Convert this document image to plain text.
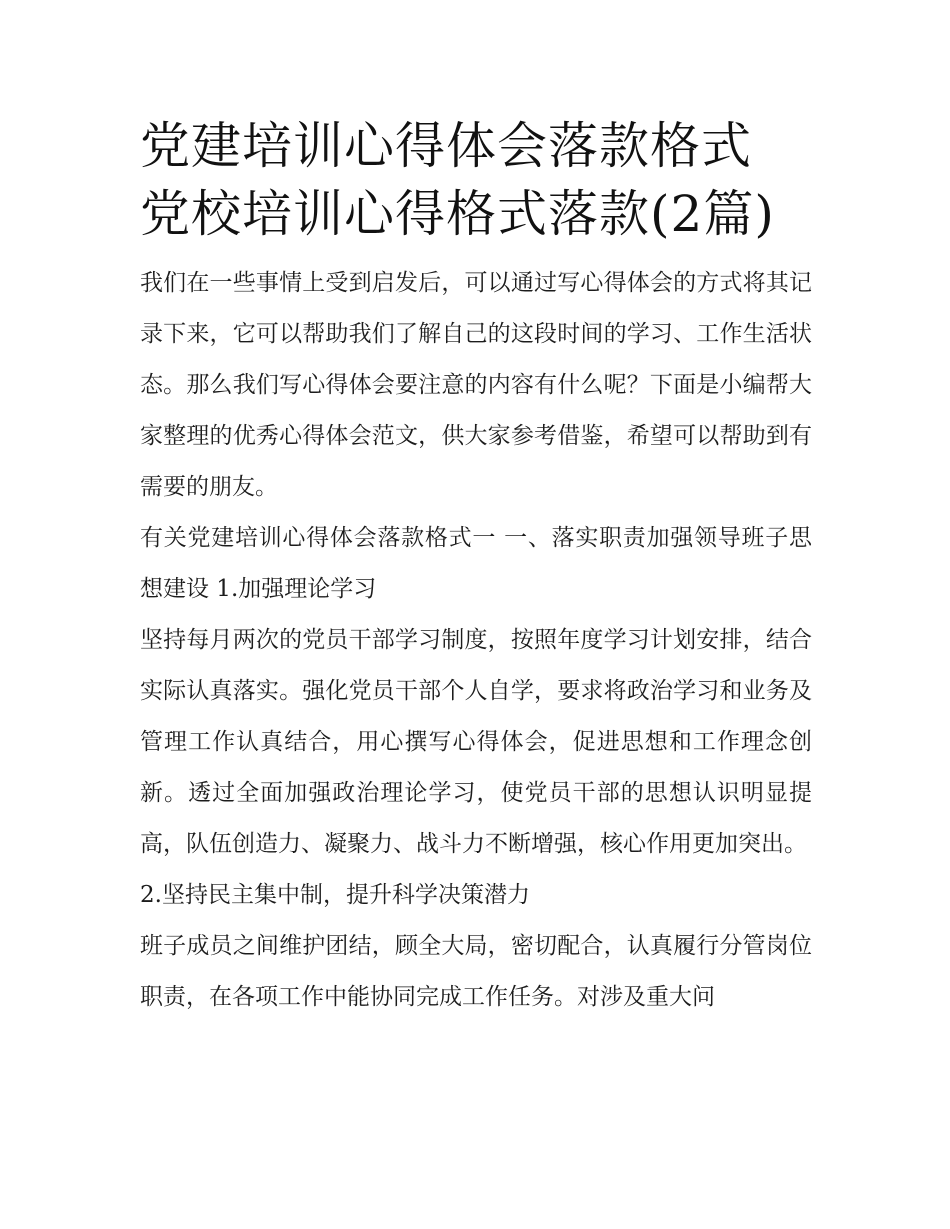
党建培训心得体会落款格式 党校培训心得格式落款(2篇)

我们在一些事情上受到启发后，可以通过写心得体会的方式将其记录下来，它可以帮助我们了解自己的这段时间的学习、工作生活状态。那么我们写心得体会要注意的内容有什么呢？下面是小编帮大家整理的优秀心得体会范文，供大家参考借鉴，希望可以帮助到有需要的朋友。

有关党建培训心得体会落款格式一 一、落实职责加强领导班子思想建设 1.加强理论学习

坚持每月两次的党员干部学习制度，按照年度学习计划安排，结合实际认真落实。强化党员干部个人自学，要求将政治学习和业务及管理工作认真结合，用心撰写心得体会，促进思想和工作理念创新。透过全面加强政治理论学习，使党员干部的思想认识明显提高，队伍创造力、凝聚力、战斗力不断增强，核心作用更加突出。

2.坚持民主集中制，提升科学决策潜力

班子成员之间维护团结，顾全大局，密切配合，认真履行分管岗位职责，在各项工作中能协同完成工作任务。对涉及重大问
